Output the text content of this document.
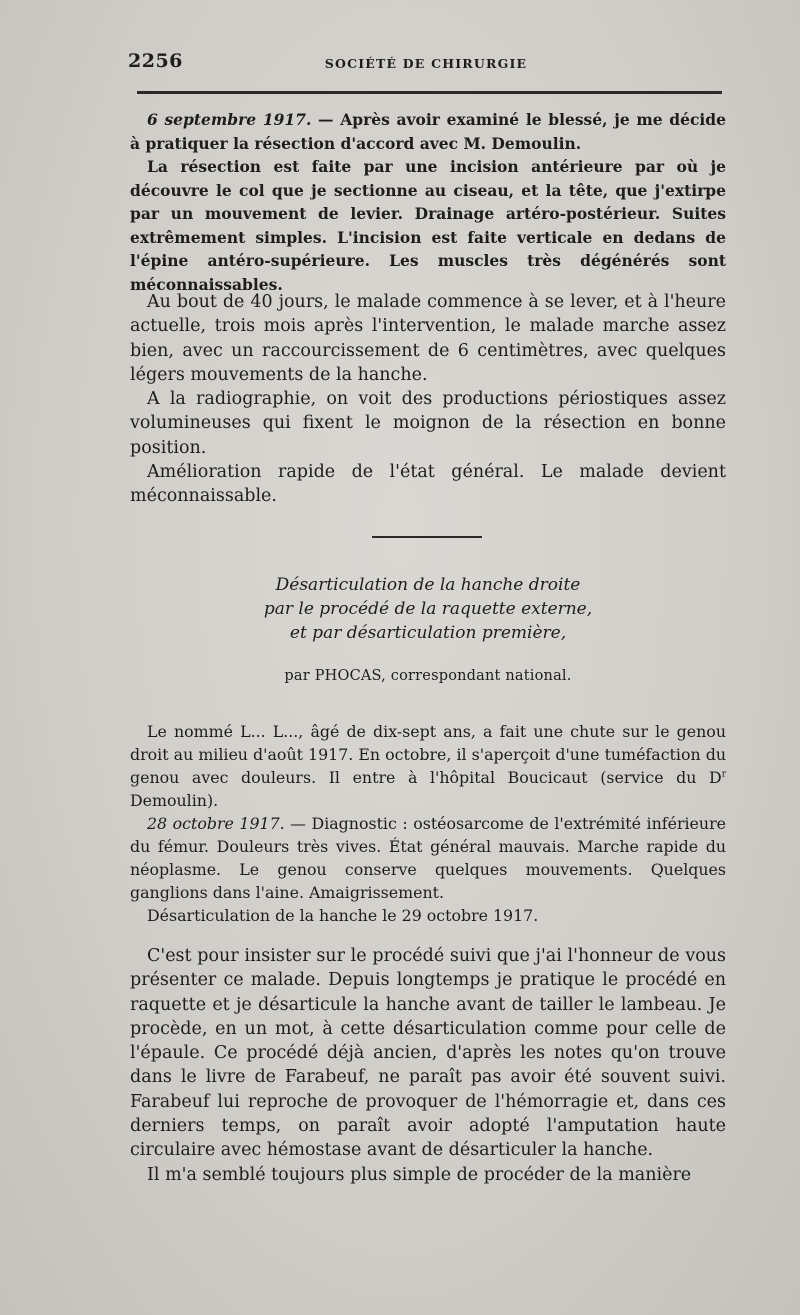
2256	SOCIÉTÉ DE CHIRURGIE

6 septembre 1917. — Après avoir examiné le blessé, je me décide à pratiquer la résection d'accord avec M. Demoulin.

La résection est faite par une incision antérieure par où je découvre le col que je sectionne au ciseau, et la tête, que j'extirpe par un mouvement de levier. Drainage artéro-postérieur. Suites extrêmement simples. L'incision est faite verticale en dedans de l'épine antéro-supérieure. Les muscles très dégénérés sont méconnaissables.

Au bout de 40 jours, le malade commence à se lever, et à l'heure actuelle, trois mois après l'intervention, le malade marche assez bien, avec un raccourcissement de 6 centimètres, avec quelques légers mouvements de la hanche.

A la radiographie, on voit des productions périostiques assez volumineuses qui fixent le moignon de la résection en bonne position.

Amélioration rapide de l'état général. Le malade devient méconnaissable.

Désarticulation de la hanche droite
par le procédé de la raquette externe,
et par désarticulation première,
par PHOCAS, correspondant national.

Le nommé L... L..., âgé de dix-sept ans, a fait une chute sur le genou droit au milieu d'août 1917. En octobre, il s'aperçoit d'une tuméfaction du genou avec douleurs. Il entre à l'hôpital Boucicaut (service du $D^r$ Demoulin).

28 octobre 1917. — Diagnostic : ostéosarcome de l'extrémité inférieure du fémur. Douleurs très vives. État général mauvais. Marche rapide du néoplasme. Le genou conserve quelques mouvements. Quelques ganglions dans l'aine. Amaigrissement.

Désarticulation de la hanche le 29 octobre 1917.

C'est pour insister sur le procédé suivi que j'ai l'honneur de vous présenter ce malade. Depuis longtemps je pratique le procédé en raquette et je désarticule la hanche avant de tailler le lambeau. Je procède, en un mot, à cette désarticulation comme pour celle de l'épaule. Ce procédé déjà ancien, d'après les notes qu'on trouve dans le livre de Farabeuf, ne paraît pas avoir été souvent suivi. Farabeuf lui reproche de provoquer de l'hémorragie et, dans ces derniers temps, on paraît avoir adopté l'amputation haute circulaire avec hémostase avant de désarticuler la hanche.

Il m'a semblé toujours plus simple de procéder de la manière
